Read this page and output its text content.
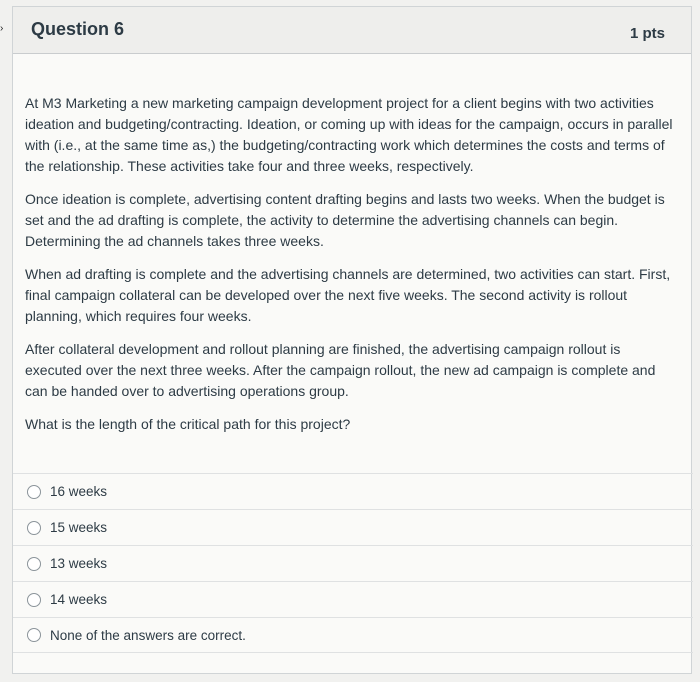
› Question 6	1 pts

At M3 Marketing a new marketing campaign development project for a client begins with two activities ideation and budgeting/contracting. Ideation, or coming up with ideas for the campaign, occurs in parallel with (i.e., at the same time as,) the budgeting/contracting work which determines the costs and terms of the relationship. These activities take four and three weeks, respectively.

Once ideation is complete, advertising content drafting begins and lasts two weeks. When the budget is set and the ad drafting is complete, the activity to determine the advertising channels can begin. Determining the ad channels takes three weeks.

When ad drafting is complete and the advertising channels are determined, two activities can start. First, final campaign collateral can be developed over the next five weeks. The second activity is rollout planning, which requires four weeks.

After collateral development and rollout planning are finished, the advertising campaign rollout is executed over the next three weeks. After the campaign rollout, the new ad campaign is complete and can be handed over to advertising operations group.

What is the length of the critical path for this project?

16 weeks
15 weeks
13 weeks
14 weeks
None of the answers are correct.
